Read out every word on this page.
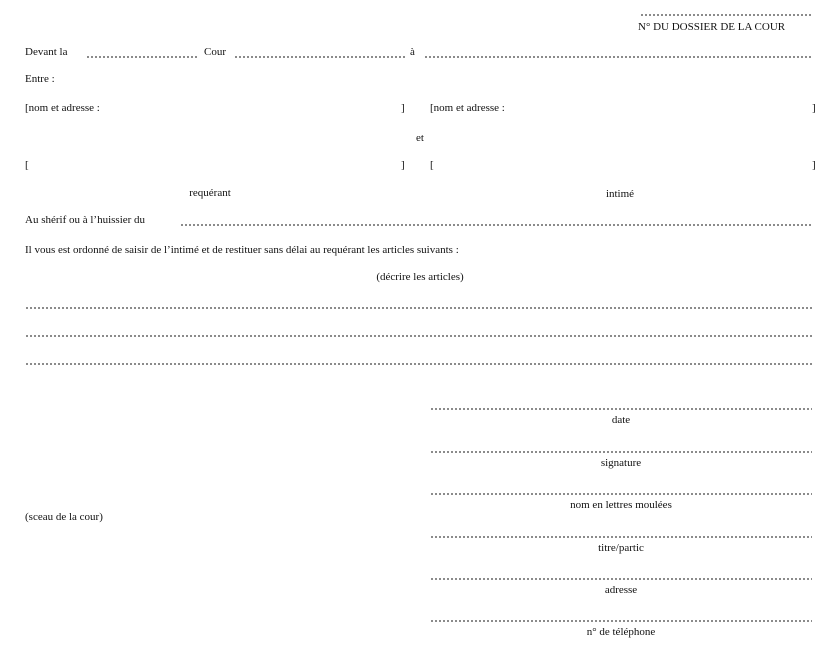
N° DU DOSSIER DE LA COUR
Devant la	Cour	à
Entre :
[nom et adresse :	] [nom et adresse :	]
et
[	] [	]
requérant	intimé
Au shérif ou à l’huissier du
Il vous est ordonné de saisir de l’intimé et de restituer sans délai au requérant les articles suivants :
(décrire les articles)
(sceau de la cour)
date
signature
nom en lettres moulées
titre/partic
adresse
n° de téléphone
